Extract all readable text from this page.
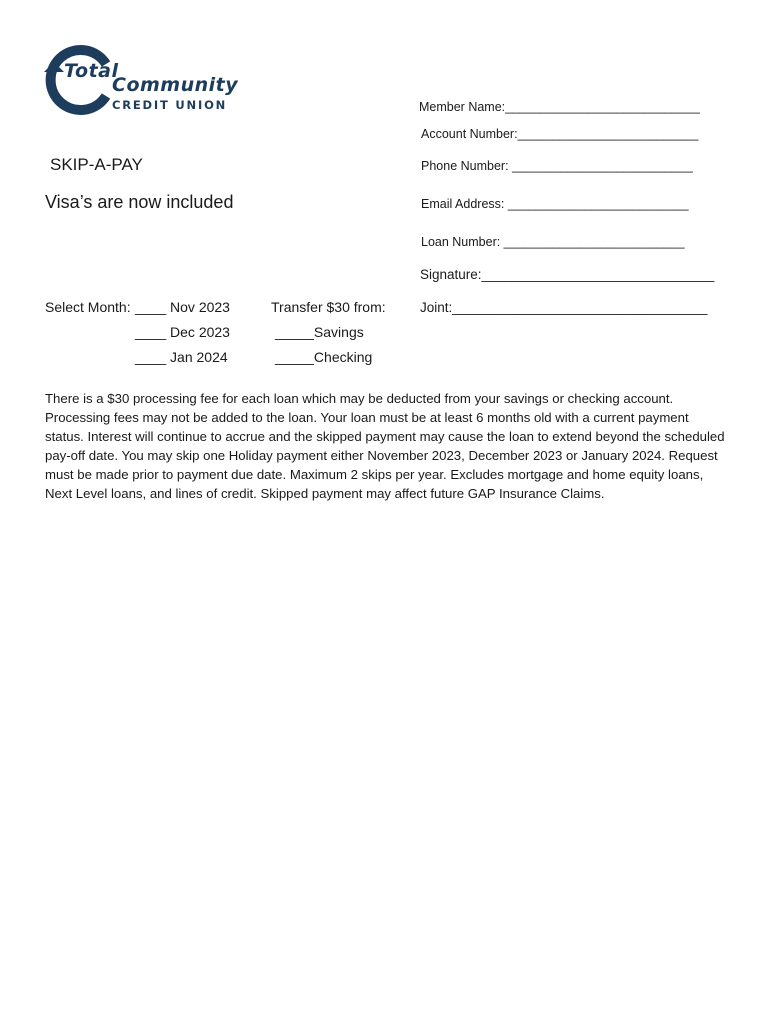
Total
Community
CREDIT UNION
SKIP-A-PAY
Visa’s are now included
Member Name:____________________________
Account Number:__________________________
Phone Number: __________________________
Email Address: __________________________
Loan Number: __________________________
Signature:_______________________________
Joint:__________________________________
Select Month: ____ Nov 2023
____ Dec 2023
____ Jan 2024
Transfer $30 from:
_____Savings
_____Checking
There is a $30 processing fee for each loan which may be deducted from your savings or checking account. Processing fees may not be added to the loan. Your loan must be at least 6 months old with a current payment status. Interest will continue to accrue and the skipped payment may cause the loan to extend beyond the scheduled pay-off date. You may skip one Holiday payment either November 2023, December 2023 or January 2024. Request must be made prior to payment due date. Maximum 2 skips per year. Excludes mortgage and home equity loans, Next Level loans, and lines of credit. Skipped payment may affect future GAP Insurance Claims.
